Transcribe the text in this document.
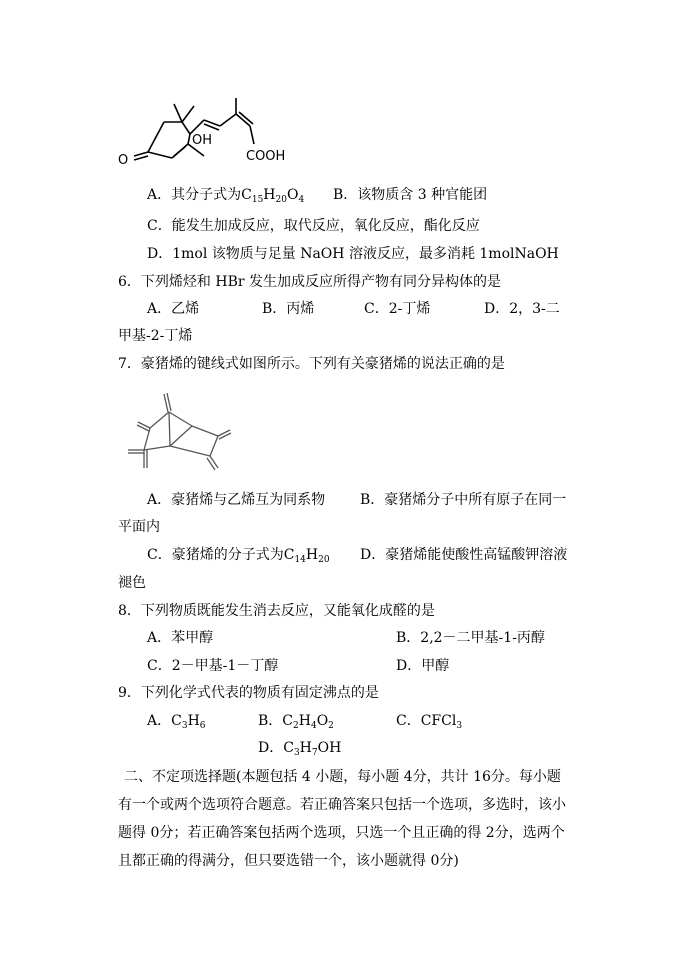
O
OH
COOH
A．其分子式为$C_{15}H_{20}O_4$ B．该物质含 3 种官能团
C．能发生加成反应，取代反应，氧化反应，酯化反应
D．1mol 该物质与足量 NaOH 溶液反应，最多消耗 1molNaOH
6．下列烯烃和 HBr 发生加成反应所得产物有同分异构体的是
A．乙烯	B．丙烯	C．2-丁烯	D．2，3-二
甲基-2-丁烯
7．豪猪烯的键线式如图所示。下列有关豪猪烯的说法正确的是
A．豪猪烯与乙烯互为同系物 B．豪猪烯分子中所有原子在同一
平面内
C．豪猪烯的分子式为$C_{14}H_{20}$ D．豪猪烯能使酸性高锰酸钾溶液
褪色
8．下列物质既能发生消去反应，又能氧化成醛的是
A．苯甲醇	B．2,2－二甲基-1-丙醇
C．2－甲基-1－丁醇	D．甲醇
9．下列化学式代表的物质有固定沸点的是
A．$C_3H_6$	B．$C_2H_4O_2$	C．CFCl$_3$
D．$C_3H_7OH$
二、不定项选择题(本题包括 4 小题，每小题 4分，共计 16分。每小题有一个或两个选项符合题意。若正确答案只包括一个选项，多选时，该小题得 0分；若正确答案包括两个选项，只选一个且正确的得 2分，选两个且都正确的得满分，但只要选错一个，该小题就得 0分)
